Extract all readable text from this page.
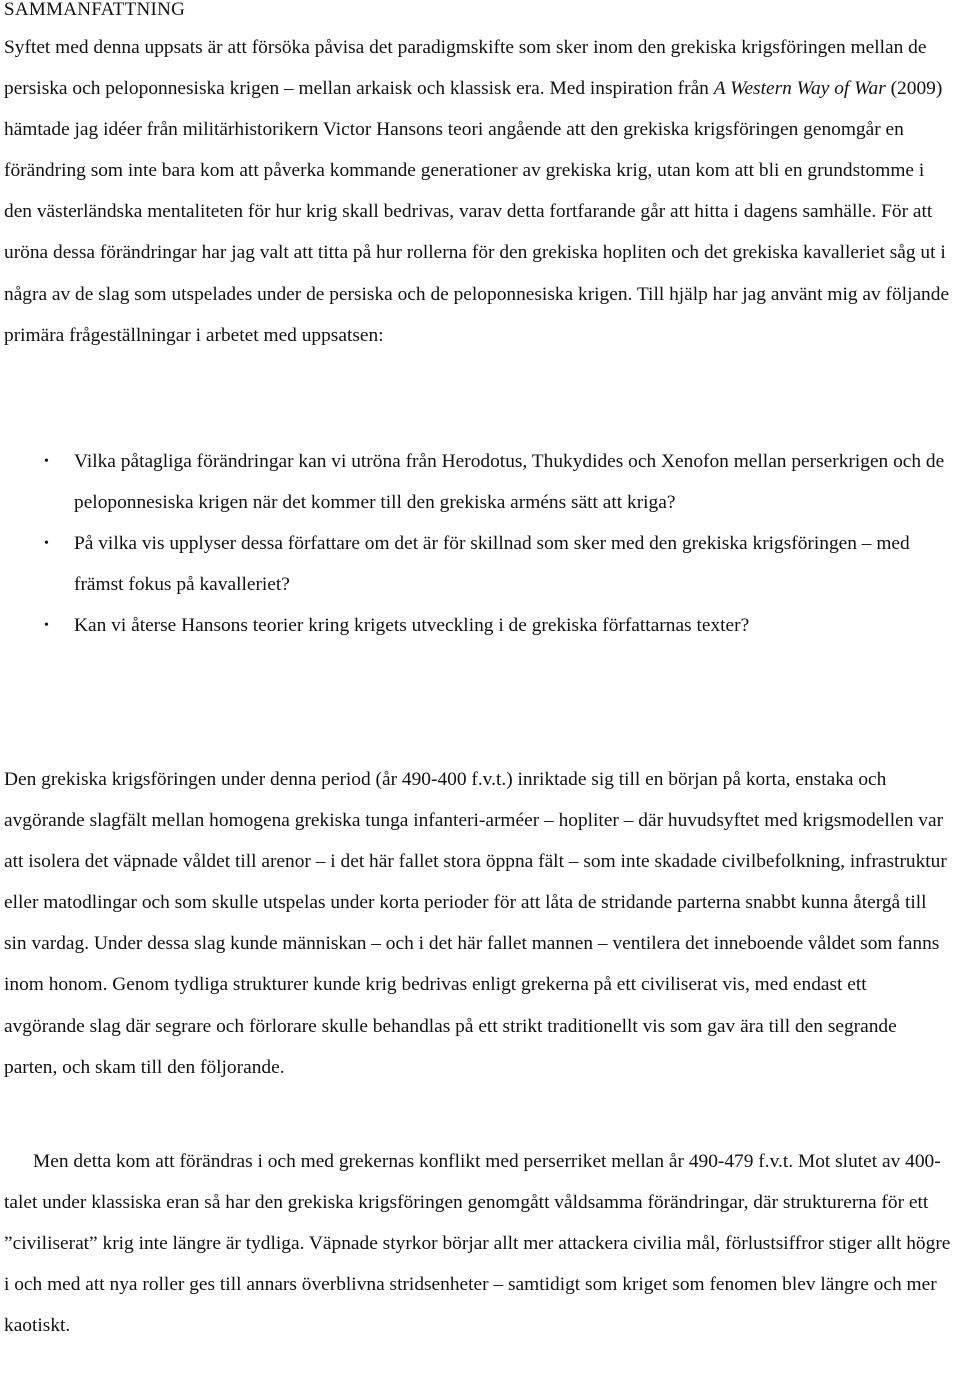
SAMMANFATTNING

Syftet med denna uppsats är att försöka påvisa det paradigmskifte som sker inom den grekiska krigsföringen mellan de persiska och peloponnesiska krigen – mellan arkaisk och klassisk era. Med inspiration från A Western Way of War (2009) hämtade jag idéer från militärhistorikern Victor Hansons teori angående att den grekiska krigsföringen genomgår en förändring som inte bara kom att påverka kommande generationer av grekiska krig, utan kom att bli en grundstomme i den västerländska mentaliteten för hur krig skall bedrivas, varav detta fortfarande går att hitta i dagens samhälle. För att uröna dessa förändringar har jag valt att titta på hur rollerna för den grekiska hopliten och det grekiska kavalleriet såg ut i några av de slag som utspelades under de persiska och de peloponnesiska krigen. Till hjälp har jag använt mig av följande primära frågeställningar i arbetet med uppsatsen:

• Vilka påtagliga förändringar kan vi utröna från Herodotus, Thukydides och Xenofon mellan perserkrigen och de peloponnesiska krigen när det kommer till den grekiska arméns sätt att kriga?
• På vilka vis upplyser dessa författare om det är för skillnad som sker med den grekiska krigsföringen – med främst fokus på kavalleriet?
• Kan vi återse Hansons teorier kring krigets utveckling i de grekiska författarnas texter?

Den grekiska krigsföringen under denna period (år 490-400 f.v.t.) inriktade sig till en början på korta, enstaka och avgörande slagfält mellan homogena grekiska tunga infanteri-arméer – hopliter – där huvudsyftet med krigsmodellen var att isolera det väpnade våldet till arenor – i det här fallet stora öppna fält – som inte skadade civilbefolkning, infrastruktur eller matodlingar och som skulle utspelas under korta perioder för att låta de stridande parterna snabbt kunna återgå till sin vardag. Under dessa slag kunde människan – och i det här fallet mannen – ventilera det inneboende våldet som fanns inom honom. Genom tydliga strukturer kunde krig bedrivas enligt grekerna på ett civiliserat vis, med endast ett avgörande slag där segrare och förlorare skulle behandlas på ett strikt traditionellt vis som gav ära till den segrande parten, och skam till den följorande.

Men detta kom att förändras i och med grekernas konflikt med perserriket mellan år 490-479 f.v.t. Mot slutet av 400-talet under klassiska eran så har den grekiska krigsföringen genomgått våldsamma förändringar, där strukturerna för ett ”civiliserat” krig inte längre är tydliga. Väpnade styrkor börjar allt mer attackera civilia mål, förlustsiffror stiger allt högre i och med att nya roller ges till annars överblivna stridsenheter – samtidigt som kriget som fenomen blev längre och mer kaotiskt.
